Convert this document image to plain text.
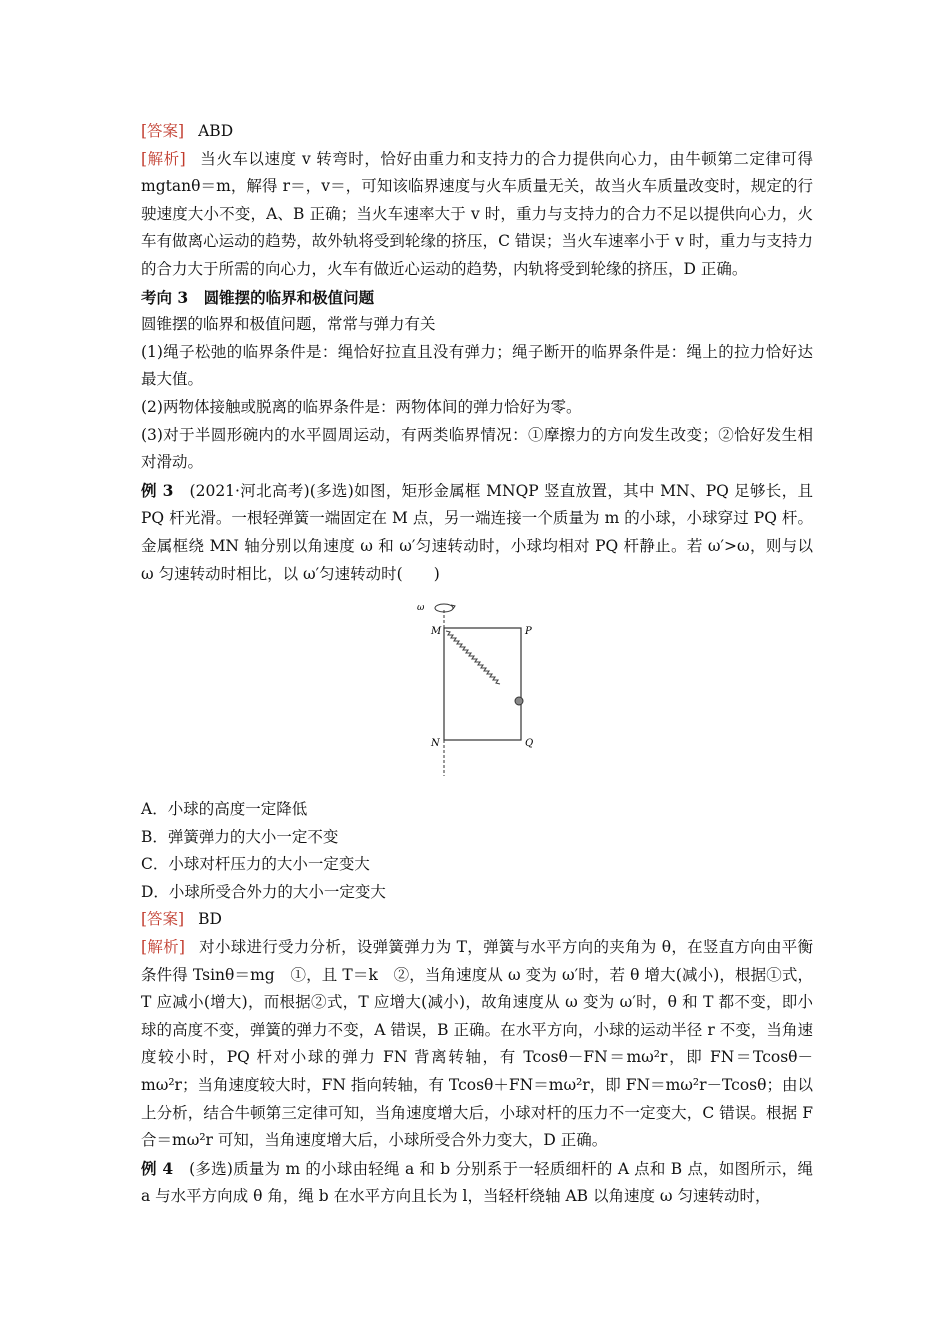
[答案] ABD

[解析] 当火车以速度 v 转弯时，恰好由重力和支持力的合力提供向心力，由牛顿第二定律可得 mgtanθ＝m，解得 r＝，v＝，可知该临界速度与火车质量无关，故当火车质量改变时，规定的行驶速度大小不变，A、B 正确；当火车速率大于 v 时，重力与支持力的合力不足以提供向心力，火车有做离心运动的趋势，故外轨将受到轮缘的挤压，C 错误；当火车速率小于 v 时，重力与支持力的合力大于所需的向心力，火车有做近心运动的趋势，内轨将受到轮缘的挤压，D 正确。

考向 3　圆锥摆的临界和极值问题

圆锥摆的临界和极值问题，常常与弹力有关

(1)绳子松弛的临界条件是：绳恰好拉直且没有弹力；绳子断开的临界条件是：绳上的拉力恰好达最大值。

(2)两物体接触或脱离的临界条件是：两物体间的弹力恰好为零。

(3)对于半圆形碗内的水平圆周运动，有两类临界情况：①摩擦力的方向发生改变；②恰好发生相对滑动。

例 3　 (2021·河北高考)(多选)如图，矩形金属框 MNQP 竖直放置，其中 MN、PQ 足够长，且 PQ 杆光滑。一根轻弹簧一端固定在 M 点，另一端连接一个质量为 m 的小球，小球穿过 PQ 杆。金属框绕 MN 轴分别以角速度 ω 和 ω′匀速转动时，小球均相对 PQ 杆静止。若 ω′>ω，则与以 ω 匀速转动时相比，以 ω′匀速转动时(　　)

ω
M	P
N	Q

A．小球的高度一定降低

B．弹簧弹力的大小一定不变

C．小球对杆压力的大小一定变大

D．小球所受合外力的大小一定变大

[答案] BD

[解析] 对小球进行受力分析，设弹簧弹力为 T，弹簧与水平方向的夹角为 θ，在竖直方向由平衡条件得 Tsinθ＝mg　①，且 T＝k　②，当角速度从 ω 变为 ω′时，若 θ 增大(减小)，根据①式，T 应减小(增大)，而根据②式，T 应增大(减小)，故角速度从 ω 变为 ω′时，θ 和 T 都不变，即小球的高度不变，弹簧的弹力不变，A 错误，B 正确。在水平方向，小球的运动半径 r 不变，当角速度较小时，PQ 杆对小球的弹力 FN 背离转轴，有 Tcosθ－FN＝mω²r，即 FN＝Tcosθ－mω²r；当角速度较大时，FN 指向转轴，有 Tcosθ＋FN＝mω²r，即 FN＝mω²r－Tcosθ；由以上分析，结合牛顿第三定律可知，当角速度增大后，小球对杆的压力不一定变大，C 错误。根据 F合＝mω²r 可知，当角速度增大后，小球所受合外力变大，D 正确。

例 4　 (多选)质量为 m 的小球由轻绳 a 和 b 分别系于一轻质细杆的 A 点和 B 点，如图所示，绳 a 与水平方向成 θ 角，绳 b 在水平方向且长为 l，当轻杆绕轴 AB 以角速度 ω 匀速转动时，
